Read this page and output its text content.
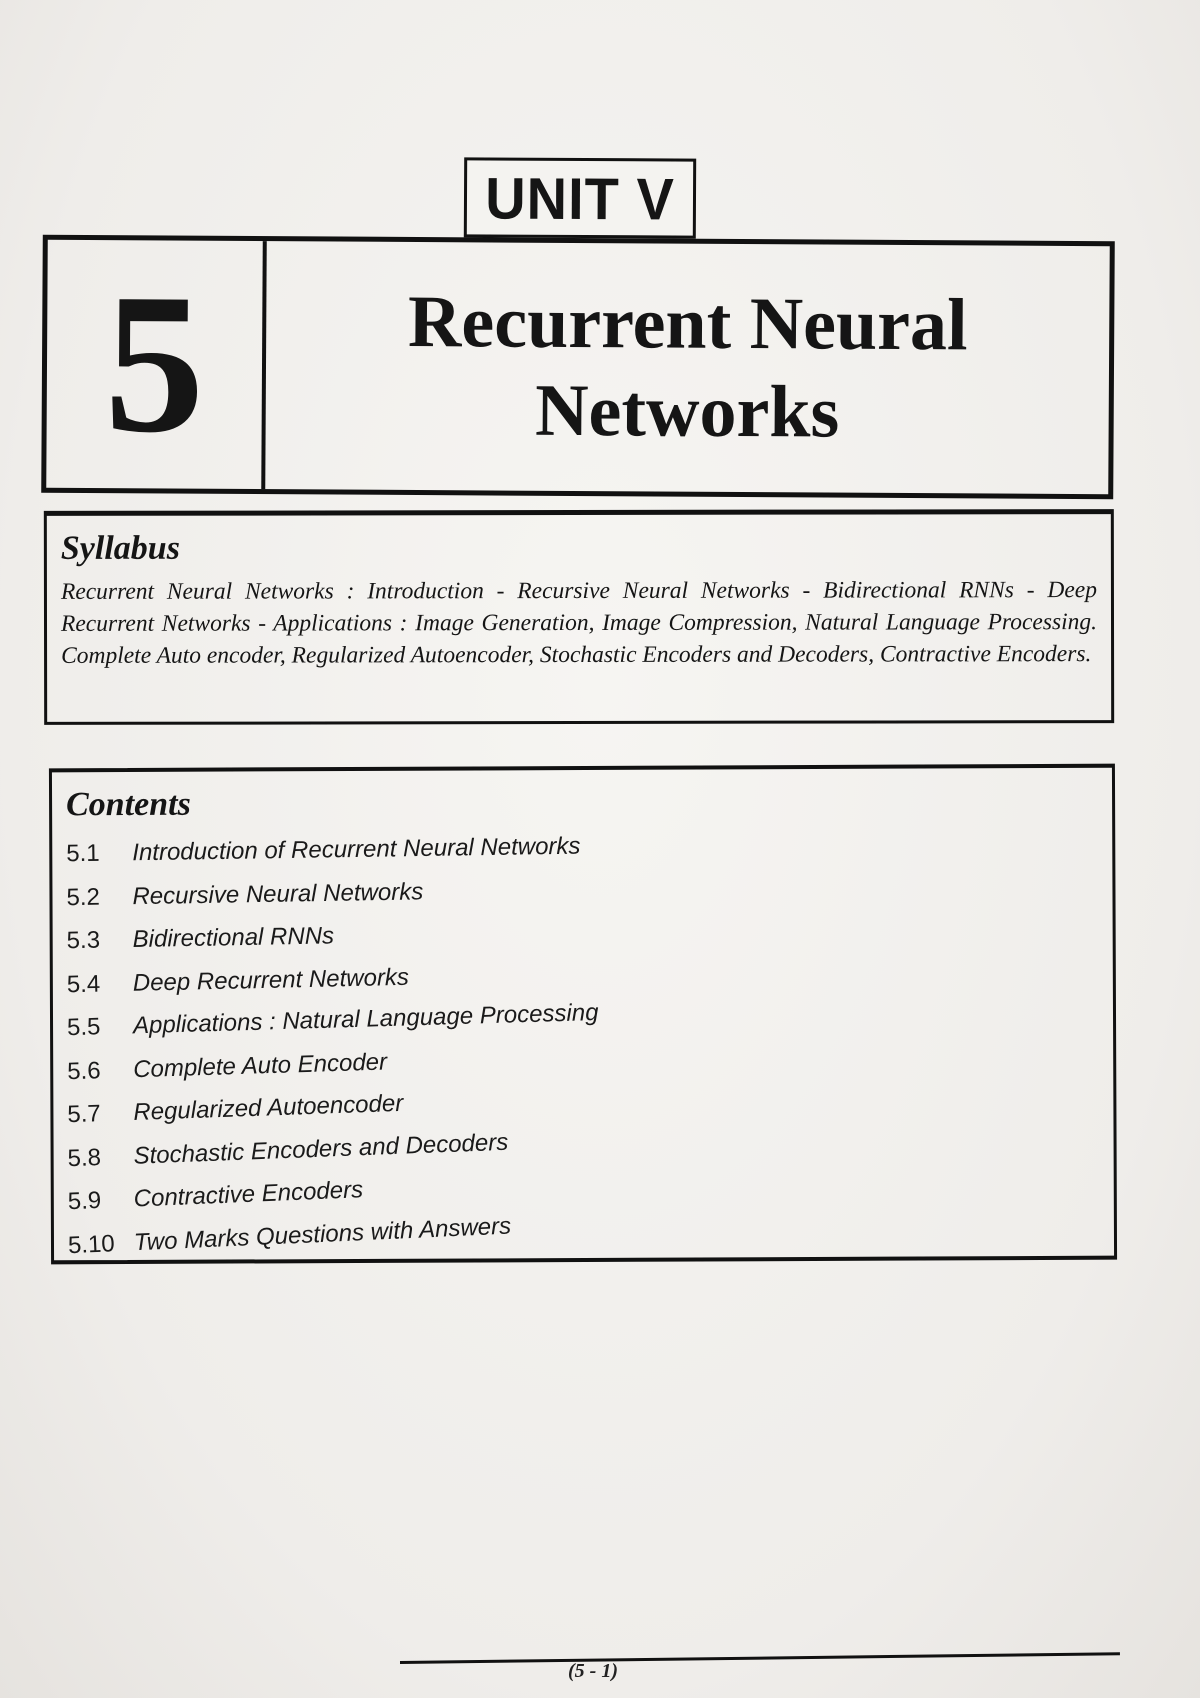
UNIT V
5	Recurrent Neural
Networks
Syllabus

Recurrent Neural Networks : Introduction - Recursive Neural Networks - Bidirectional RNNs - Deep Recurrent Networks - Applications : Image Generation, Image Compression, Natural Language Processing. Complete Auto encoder, Regularized Autoencoder, Stochastic Encoders and Decoders, Contractive Encoders.

Contents
5.1	Introduction of Recurrent Neural Networks
5.2	Recursive Neural Networks
5.3	Bidirectional RNNs
5.4	Deep Recurrent Networks
5.5	Applications : Natural Language Processing
5.6	Complete Auto Encoder
5.7	Regularized Autoencoder
5.8	Stochastic Encoders and Decoders
5.9	Contractive Encoders
5.10 Two Marks Questions with Answers
(5 - 1)
